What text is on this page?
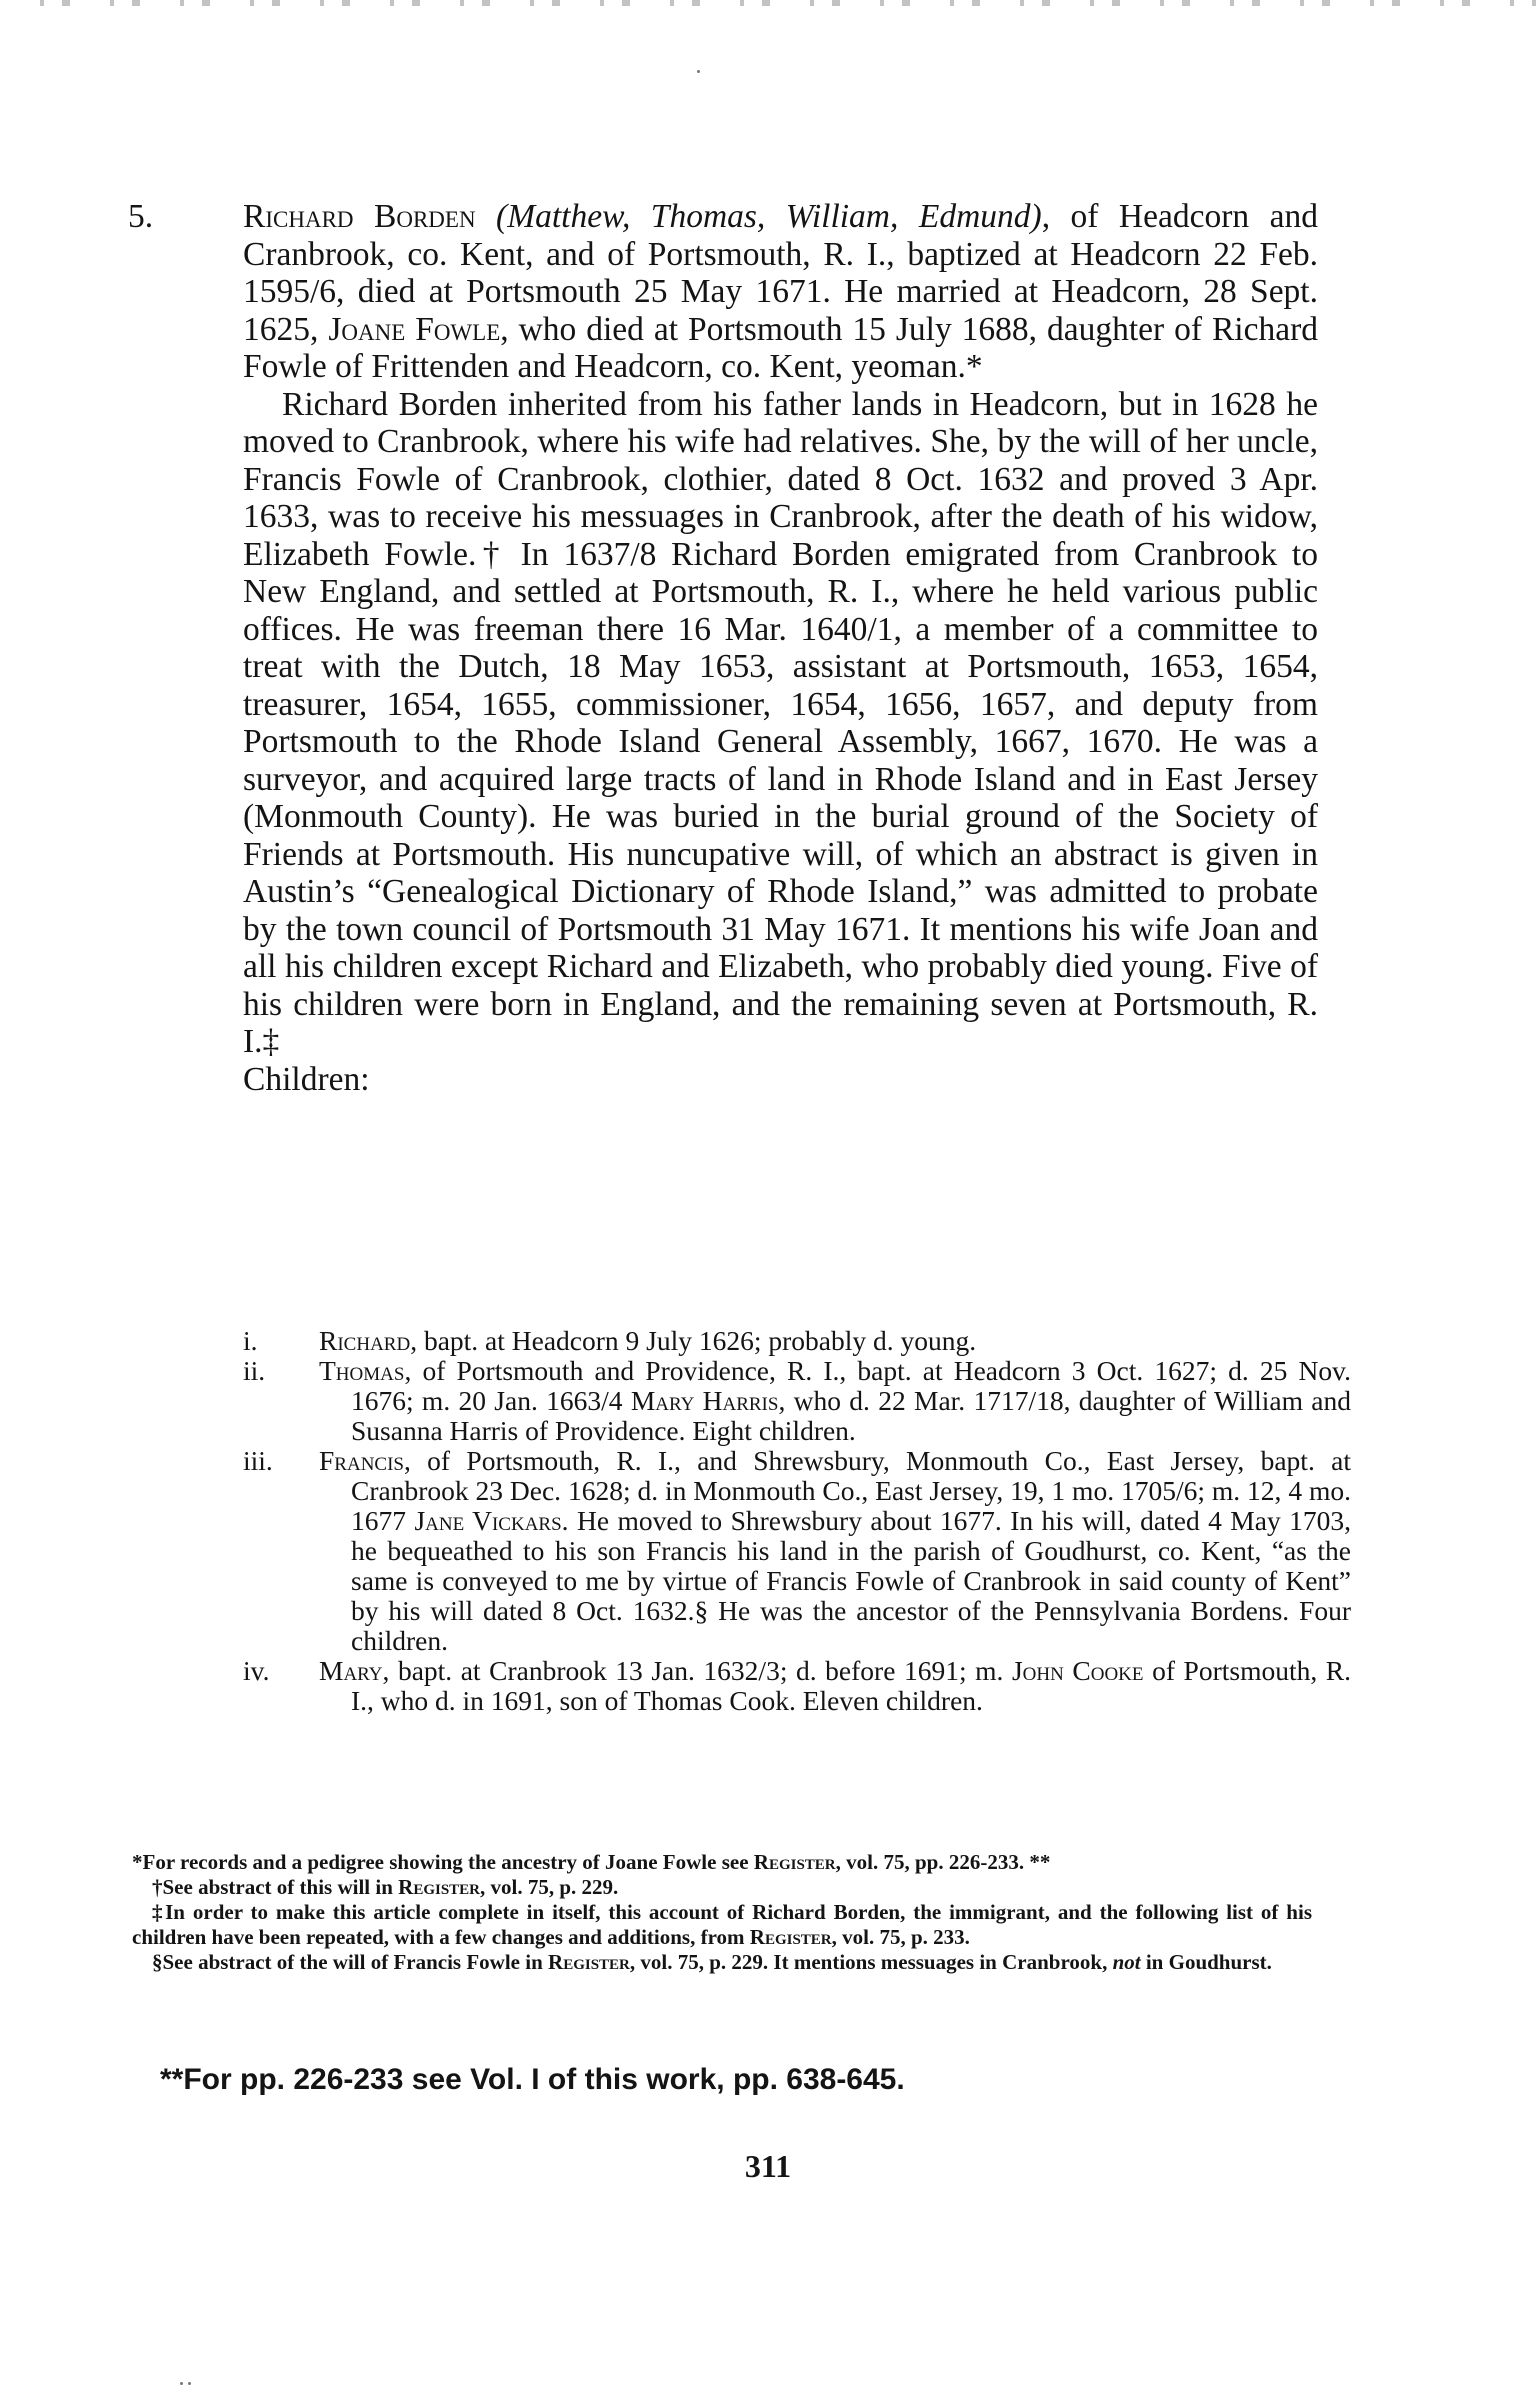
5.	Richard Borden (Matthew, Thomas, William, Edmund), of Headcorn and Cranbrook, co. Kent, and of Portsmouth, R. I., baptized at Headcorn 22 Feb. 1595/6, died at Portsmouth 25 May 1671. He married at Headcorn, 28 Sept. 1625, Joane Fowle, who died at Portsmouth 15 July 1688, daughter of Richard Fowle of Frittenden and Headcorn, co. Kent, yeoman.*

Richard Borden inherited from his father lands in Headcorn, but in 1628 he moved to Cranbrook, where his wife had relatives. She, by the will of her uncle, Francis Fowle of Cranbrook, clothier, dated 8 Oct. 1632 and proved 3 Apr. 1633, was to receive his messuages in Cranbrook, after the death of his widow, Elizabeth Fowle.† In 1637/8 Richard Borden emigrated from Cranbrook to New England, and settled at Portsmouth, R. I., where he held various public offices. He was freeman there 16 Mar. 1640/1, a member of a committee to treat with the Dutch, 18 May 1653, assistant at Portsmouth, 1653, 1654, treasurer, 1654, 1655, commissioner, 1654, 1656, 1657, and deputy from Portsmouth to the Rhode Island General Assembly, 1667, 1670. He was a surveyor, and acquired large tracts of land in Rhode Island and in East Jersey (Monmouth County). He was buried in the burial ground of the Society of Friends at Portsmouth. His nuncupative will, of which an abstract is given in Austin’s “Genealogical Dictionary of Rhode Island,” was admitted to probate by the town council of Portsmouth 31 May 1671. It mentions his wife Joan and all his children except Richard and Elizabeth, who probably died young. Five of his children were born in England, and the remaining seven at Portsmouth, R. I.‡

Children:

i. Richard, bapt. at Headcorn 9 July 1626; probably d. young.
ii. Thomas, of Portsmouth and Providence, R. I., bapt. at Headcorn 3 Oct. 1627; d. 25 Nov. 1676; m. 20 Jan. 1663/4 Mary Harris, who d. 22 Mar. 1717/18, daughter of William and Susanna Harris of Providence. Eight children.
iii. Francis, of Portsmouth, R. I., and Shrewsbury, Monmouth Co., East Jersey, bapt. at Cranbrook 23 Dec. 1628; d. in Monmouth Co., East Jersey, 19, 1 mo. 1705/6; m. 12, 4 mo. 1677 Jane Vickars. He moved to Shrewsbury about 1677. In his will, dated 4 May 1703, he bequeathed to his son Francis his land in the parish of Goudhurst, co. Kent, “as the same is conveyed to me by virtue of Francis Fowle of Cranbrook in said county of Kent” by his will dated 8 Oct. 1632.§ He was the ancestor of the Pennsylvania Bordens. Four children.
iv. Mary, bapt. at Cranbrook 13 Jan. 1632/3; d. before 1691; m. John Cooke of Portsmouth, R. I., who d. in 1691, son of Thomas Cook. Eleven children.

*For records and a pedigree showing the ancestry of Joane Fowle see Register, vol. 75, pp. 226-233. **

†See abstract of this will in Register, vol. 75, p. 229.

‡In order to make this article complete in itself, this account of Richard Borden, the immigrant, and the following list of his children have been repeated, with a few changes and additions, from Register, vol. 75, p. 233.

§See abstract of the will of Francis Fowle in Register, vol. 75, p. 229. It mentions messuages in Cranbrook, not in Goudhurst.

**For pp. 226-233 see Vol. I of this work, pp. 638-645.
311
